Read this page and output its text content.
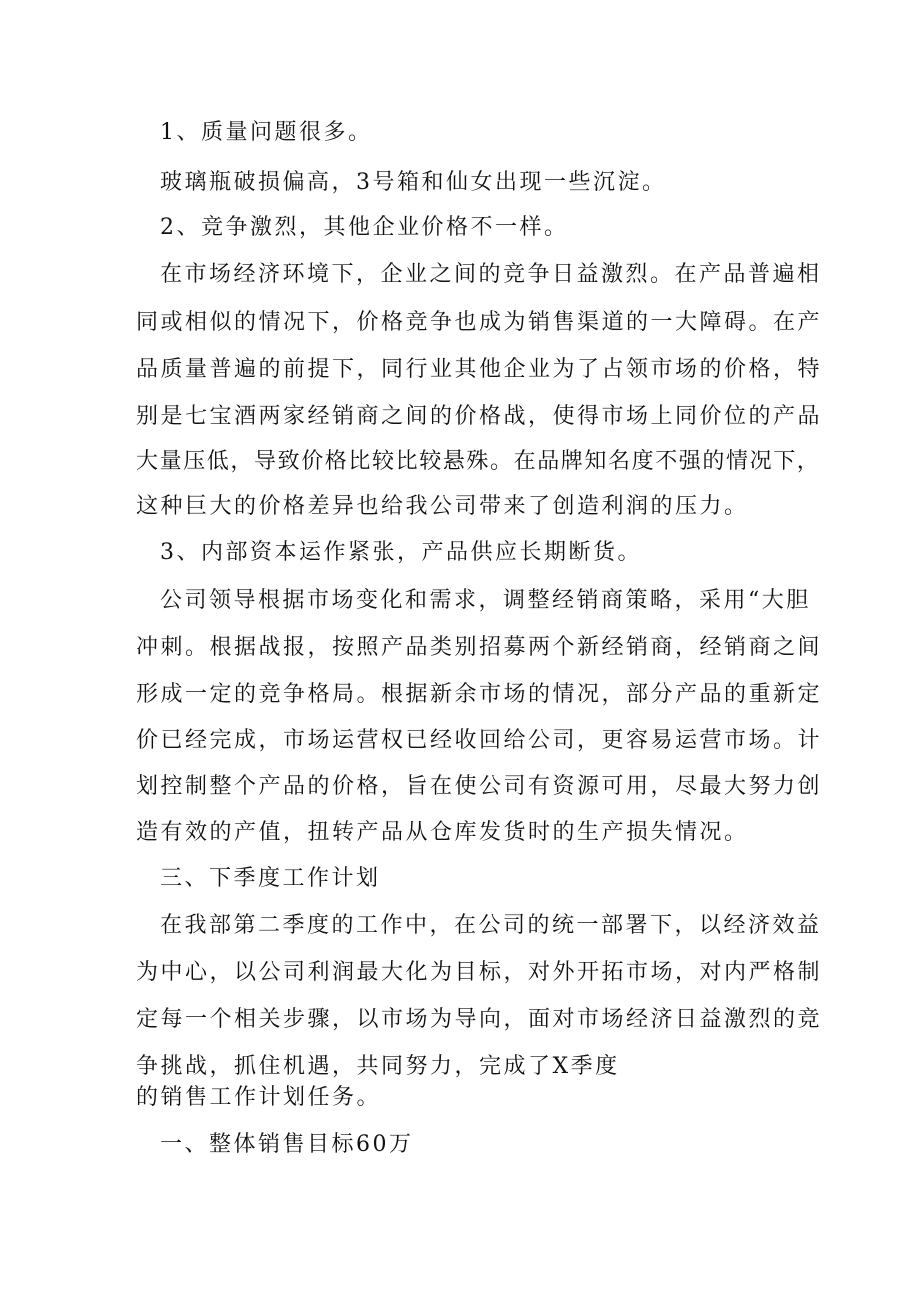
1、质量问题很多。
玻璃瓶破损偏高，3号箱和仙女出现一些沉淀。
2、竞争激烈，其他企业价格不一样。
在市场经济环境下，企业之间的竞争日益激烈。在产品普遍相
同或相似的情况下，价格竞争也成为销售渠道的一大障碍。在产
品质量普遍的前提下，同行业其他企业为了占领市场的价格，特
别是七宝酒两家经销商之间的价格战，使得市场上同价位的产品
大量压低，导致价格比较比较悬殊。在品牌知名度不强的情况下，
这种巨大的价格差异也给我公司带来了创造利润的压力。
3、内部资本运作紧张，产品供应长期断货。
公司领导根据市场变化和需求，调整经销商策略，采用“大胆
冲刺。根据战报，按照产品类别招募两个新经销商，经销商之间
形成一定的竞争格局。根据新余市场的情况，部分产品的重新定
价已经完成，市场运营权已经收回给公司，更容易运营市场。计
划控制整个产品的价格，旨在使公司有资源可用，尽最大努力创
造有效的产值，扭转产品从仓库发货时的生产损失情况。
三、下季度工作计划
在我部第二季度的工作中，在公司的统一部署下，以经济效益
为中心，以公司利润最大化为目标，对外开拓市场，对内严格制
定每一个相关步骤，以市场为导向，面对市场经济日益激烈的竞
争挑战，抓住机遇，共同努力，完成了X季度
的销售工作计划任务。
一、整体销售目标60万
